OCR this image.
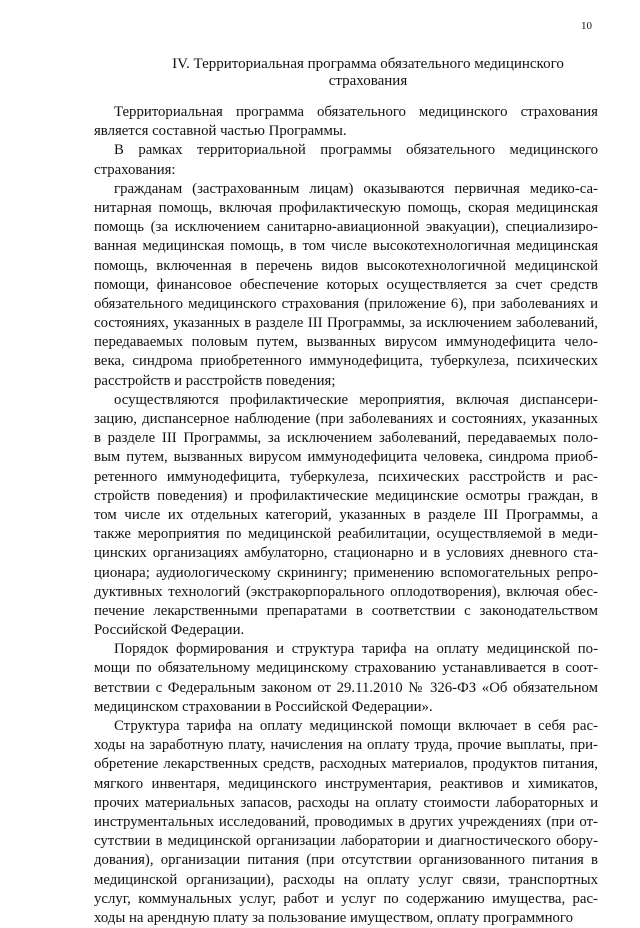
10
IV. Территориальная программа обязательного медицинского
страхования
Территориальная программа обязательного медицинского страхования
является составной частью Программы.
В рамках территориальной программы обязательного медицинского
страхования:
гражданам (застрахованным лицам) оказываются первичная медико-са-
нитарная помощь, включая профилактическую помощь, скорая медицинская
помощь (за исключением санитарно-авиационной эвакуации), специализиро-
ванная медицинская помощь, в том числе высокотехнологичная медицинская
помощь, включенная в перечень видов высокотехнологичной медицинской
помощи, финансовое обеспечение которых осуществляется за счет средств
обязательного медицинского страхования (приложение 6), при заболеваниях и
состояниях, указанных в разделе III Программы, за исключением заболеваний,
передаваемых половым путем, вызванных вирусом иммунодефицита чело-
века, синдрома приобретенного иммунодефицита, туберкулеза, психических
расстройств и расстройств поведения;
осуществляются профилактические мероприятия, включая диспансери-
зацию, диспансерное наблюдение (при заболеваниях и состояниях, указанных
в разделе III Программы, за исключением заболеваний, передаваемых поло-
вым путем, вызванных вирусом иммунодефицита человека, синдрома приоб-
ретенного иммунодефицита, туберкулеза, психических расстройств и рас-
стройств поведения) и профилактические медицинские осмотры граждан, в
том числе их отдельных категорий, указанных в разделе III Программы, а
также мероприятия по медицинской реабилитации, осуществляемой в меди-
цинских организациях амбулаторно, стационарно и в условиях дневного ста-
ционара; аудиологическому скринингу; применению вспомогательных репро-
дуктивных технологий (экстракорпорального оплодотворения), включая обес-
печение лекарственными препаратами в соответствии с законодательством
Российской Федерации.
Порядок формирования и структура тарифа на оплату медицинской по-
мощи по обязательному медицинскому страхованию устанавливается в соот-
ветствии с Федеральным законом от 29.11.2010 № 326-ФЗ «Об обязательном
медицинском страховании в Российской Федерации».
Структура тарифа на оплату медицинской помощи включает в себя рас-
ходы на заработную плату, начисления на оплату труда, прочие выплаты, при-
обретение лекарственных средств, расходных материалов, продуктов питания,
мягкого инвентаря, медицинского инструментария, реактивов и химикатов,
прочих материальных запасов, расходы на оплату стоимости лабораторных и
инструментальных исследований, проводимых в других учреждениях (при от-
сутствии в медицинской организации лаборатории и диагностического обору-
дования), организации питания (при отсутствии организованного питания в
медицинской организации), расходы на оплату услуг связи, транспортных
услуг, коммунальных услуг, работ и услуг по содержанию имущества, рас-
ходы на арендную плату за пользование имуществом, оплату программного
